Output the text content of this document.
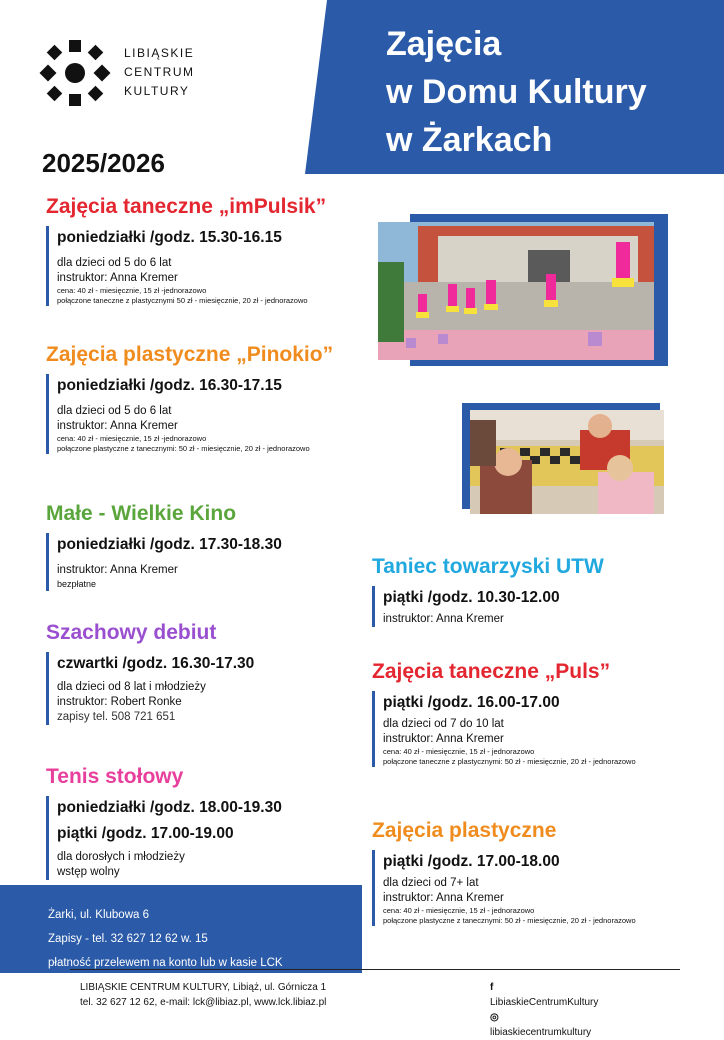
Zajęcia
w Domu Kultury
w Żarkach
LIBIĄSKIE
CENTRUM
KULTURY
2025/2026
Zajęcia taneczne „imPulsik”
poniedziałki /godz. 15.30-16.15
dla dzieci od 5 do 6 lat
instruktor: Anna Kremer
cena: 40 zł - miesięcznie, 15 zł -jednorazowo
połączone taneczne z plastycznymi 50 zł - miesięcznie, 20 zł - jednorazowo
Zajęcia plastyczne „Pinokio”
poniedziałki /godz. 16.30-17.15
dla dzieci od 5 do 6 lat
instruktor: Anna Kremer
cena: 40 zł - miesięcznie, 15 zł -jednorazowo
połączone plastyczne z tanecznymi: 50 zł - miesięcznie, 20 zł - jednorazowo
Małe - Wielkie Kino
poniedziałki /godz. 17.30-18.30
instruktor: Anna Kremer
bezpłatne
Szachowy debiut
czwartki /godz. 16.30-17.30
dla dzieci od 8 lat i młodzieży
instruktor: Robert Ronke
zapisy tel. 508 721 651
Tenis stołowy
poniedziałki /godz. 18.00-19.30
piątki /godz. 17.00-19.00
dla dorosłych i młodzieży
wstęp wolny
Taniec towarzyski UTW
piątki /godz. 10.30-12.00
instruktor: Anna Kremer
Zajęcia taneczne „Puls”
piątki /godz. 16.00-17.00
dla dzieci od 7 do 10 lat
instruktor: Anna Kremer
cena: 40 zł - miesięcznie, 15 zł - jednorazowo
połączone taneczne z plastycznymi: 50 zł - miesięcznie, 20 zł - jednorazowo
Zajęcia plastyczne
piątki /godz. 17.00-18.00
dla dzieci od 7+ lat
instruktor: Anna Kremer
cena: 40 zł - miesięcznie, 15 zł - jednorazowo
połączone plastyczne z tanecznymi: 50 zł - miesięcznie, 20 zł - jednorazowo
Żarki, ul. Klubowa 6
Zapisy - tel. 32 627 12 62 w. 15
płatność przelewem na konto lub w kasie LCK
LIBIĄSKIE CENTRUM KULTURY, Libiąż, ul. Górnicza 1
tel. 32 627 12 62, e-mail: lck@libiaz.pl, www.lck.libiaz.pl
f
LibiaskieCentrumKultury
◎
libiaskiecentrumkultury
